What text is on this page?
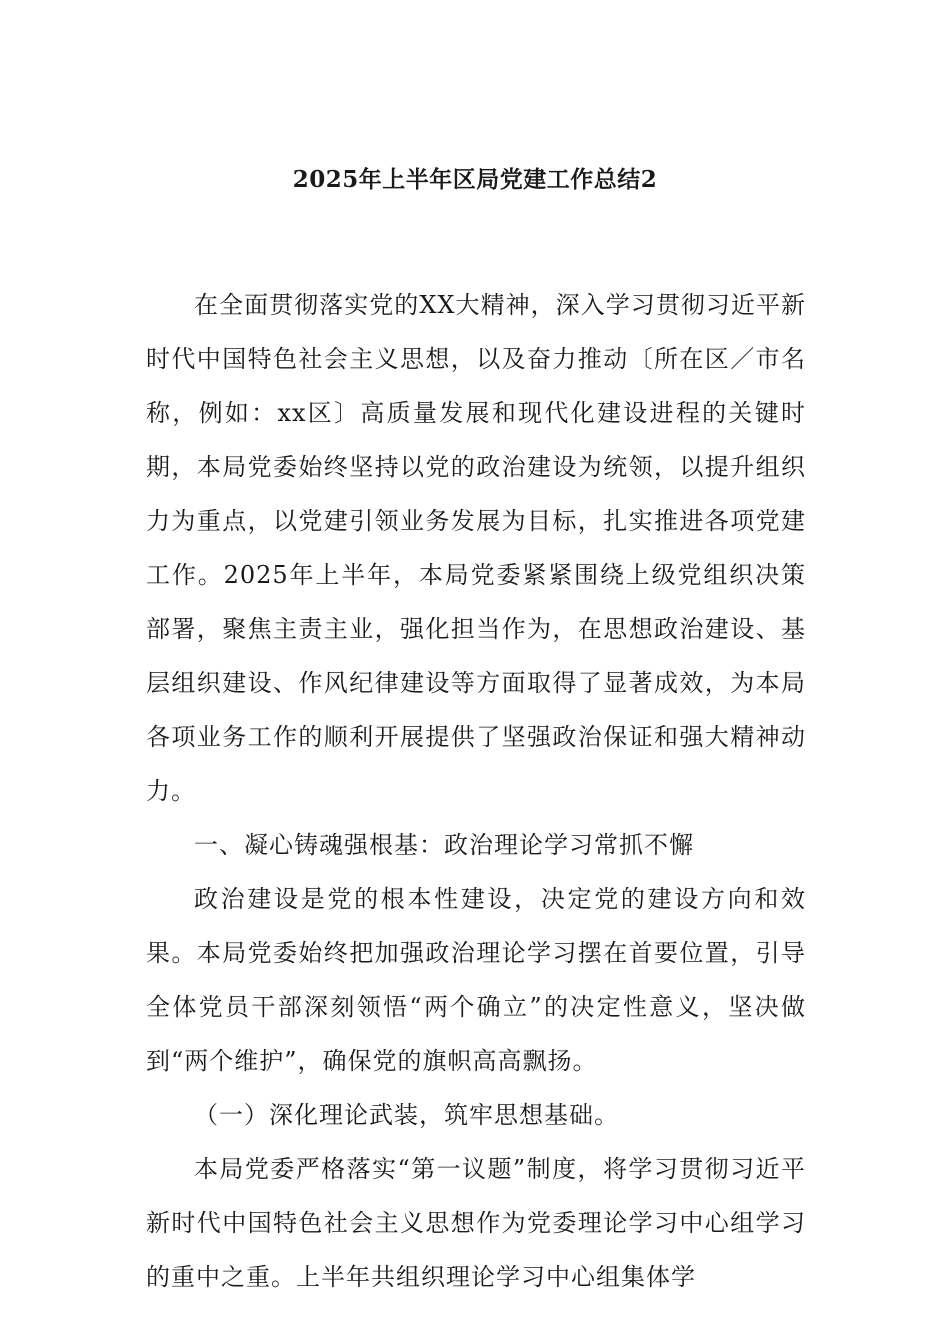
2025年上半年区局党建工作总结2

在全面贯彻落实党的XX大精神，深入学习贯彻习近平新时代中国特色社会主义思想，以及奋力推动〔所在区／市名称，例如：xx区〕高质量发展和现代化建设进程的关键时期，本局党委始终坚持以党的政治建设为统领，以提升组织力为重点，以党建引领业务发展为目标，扎实推进各项党建工作。2025年上半年，本局党委紧紧围绕上级党组织决策部署，聚焦主责主业，强化担当作为，在思想政治建设、基层组织建设、作风纪律建设等方面取得了显著成效，为本局各项业务工作的顺利开展提供了坚强政治保证和强大精神动力。

一、凝心铸魂强根基：政治理论学习常抓不懈

政治建设是党的根本性建设，决定党的建设方向和效果。本局党委始终把加强政治理论学习摆在首要位置，引导全体党员干部深刻领悟“两个确立”的决定性意义，坚决做到“两个维护”，确保党的旗帜高高飘扬。

（一）深化理论武装，筑牢思想基础。

本局党委严格落实“第一议题”制度，将学习贯彻习近平新时代中国特色社会主义思想作为党委理论学习中心组学习的重中之重。上半年共组织理论学习中心组集体学
